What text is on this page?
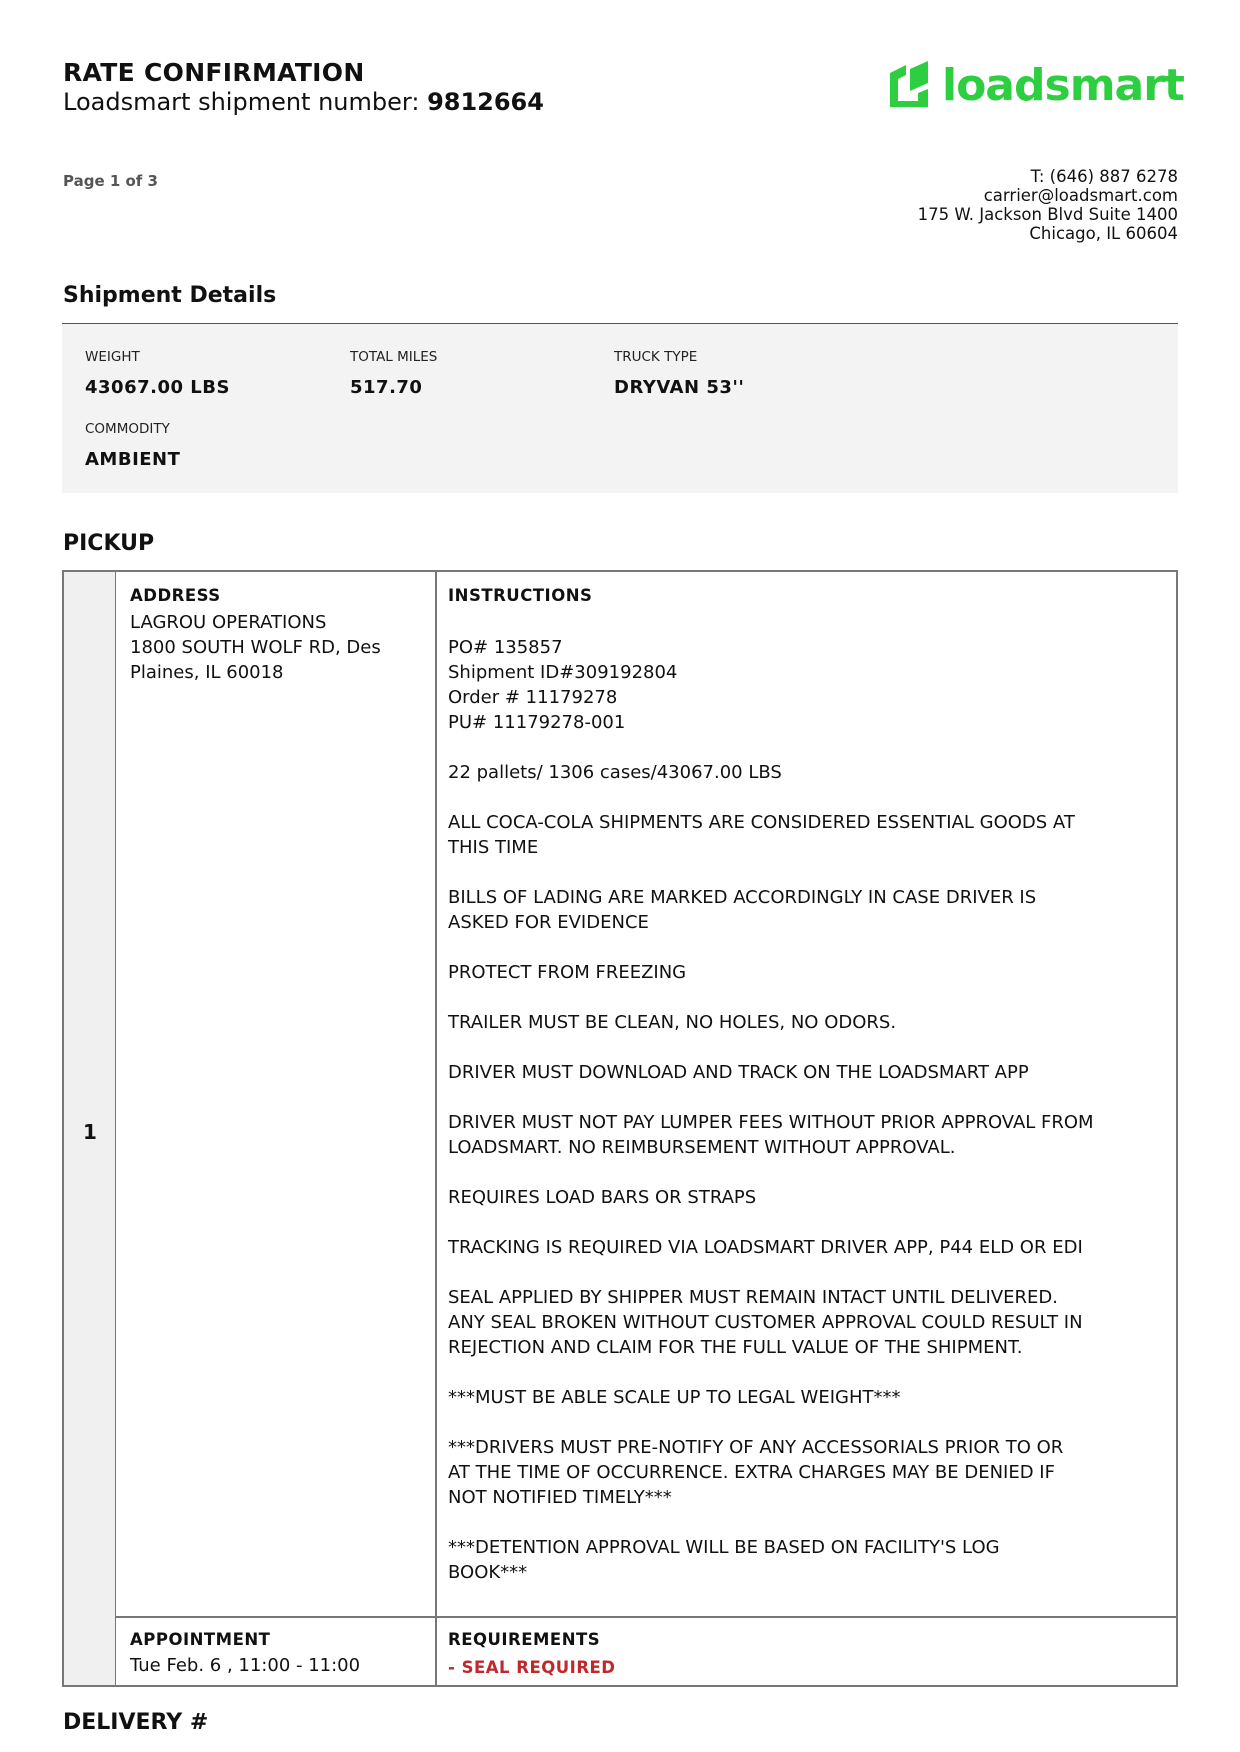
RATE CONFIRMATION
Loadsmart shipment number: 9812664	loadsmart
Page 1 of 3	T: (646) 887 6278
carrier@loadsmart.com
175 W. Jackson Blvd Suite 1400
Chicago, IL 60604
Shipment Details
WEIGHT
43067.00 LBS
TOTAL MILES
517.70
TRUCK TYPE
DRYVAN 53''
COMMODITY
AMBIENT
PICKUP
1
ADDRESS
LAGROU OPERATIONS
1800 SOUTH WOLF RD, Des
Plaines, IL 60018
INSTRUCTIONS

PO# 135857
Shipment ID#309192804
Order # 11179278
PU# 11179278-001

22 pallets/ 1306 cases/43067.00 LBS

ALL COCA-COLA SHIPMENTS ARE CONSIDERED ESSENTIAL GOODS AT
THIS TIME

BILLS OF LADING ARE MARKED ACCORDINGLY IN CASE DRIVER IS
ASKED FOR EVIDENCE

PROTECT FROM FREEZING

TRAILER MUST BE CLEAN, NO HOLES, NO ODORS.

DRIVER MUST DOWNLOAD AND TRACK ON THE LOADSMART APP

DRIVER MUST NOT PAY LUMPER FEES WITHOUT PRIOR APPROVAL FROM
LOADSMART. NO REIMBURSEMENT WITHOUT APPROVAL.

REQUIRES LOAD BARS OR STRAPS

TRACKING IS REQUIRED VIA LOADSMART DRIVER APP, P44 ELD OR EDI

SEAL APPLIED BY SHIPPER MUST REMAIN INTACT UNTIL DELIVERED.
ANY SEAL BROKEN WITHOUT CUSTOMER APPROVAL COULD RESULT IN
REJECTION AND CLAIM FOR THE FULL VALUE OF THE SHIPMENT.

***MUST BE ABLE SCALE UP TO LEGAL WEIGHT***

***DRIVERS MUST PRE-NOTIFY OF ANY ACCESSORIALS PRIOR TO OR
AT THE TIME OF OCCURRENCE. EXTRA CHARGES MAY BE DENIED IF
NOT NOTIFIED TIMELY***

***DETENTION APPROVAL WILL BE BASED ON FACILITY'S LOG
BOOK***

APPOINTMENT
Tue Feb. 6 , 11:00 - 11:00
REQUIREMENTS
- SEAL REQUIRED
DELIVERY #
